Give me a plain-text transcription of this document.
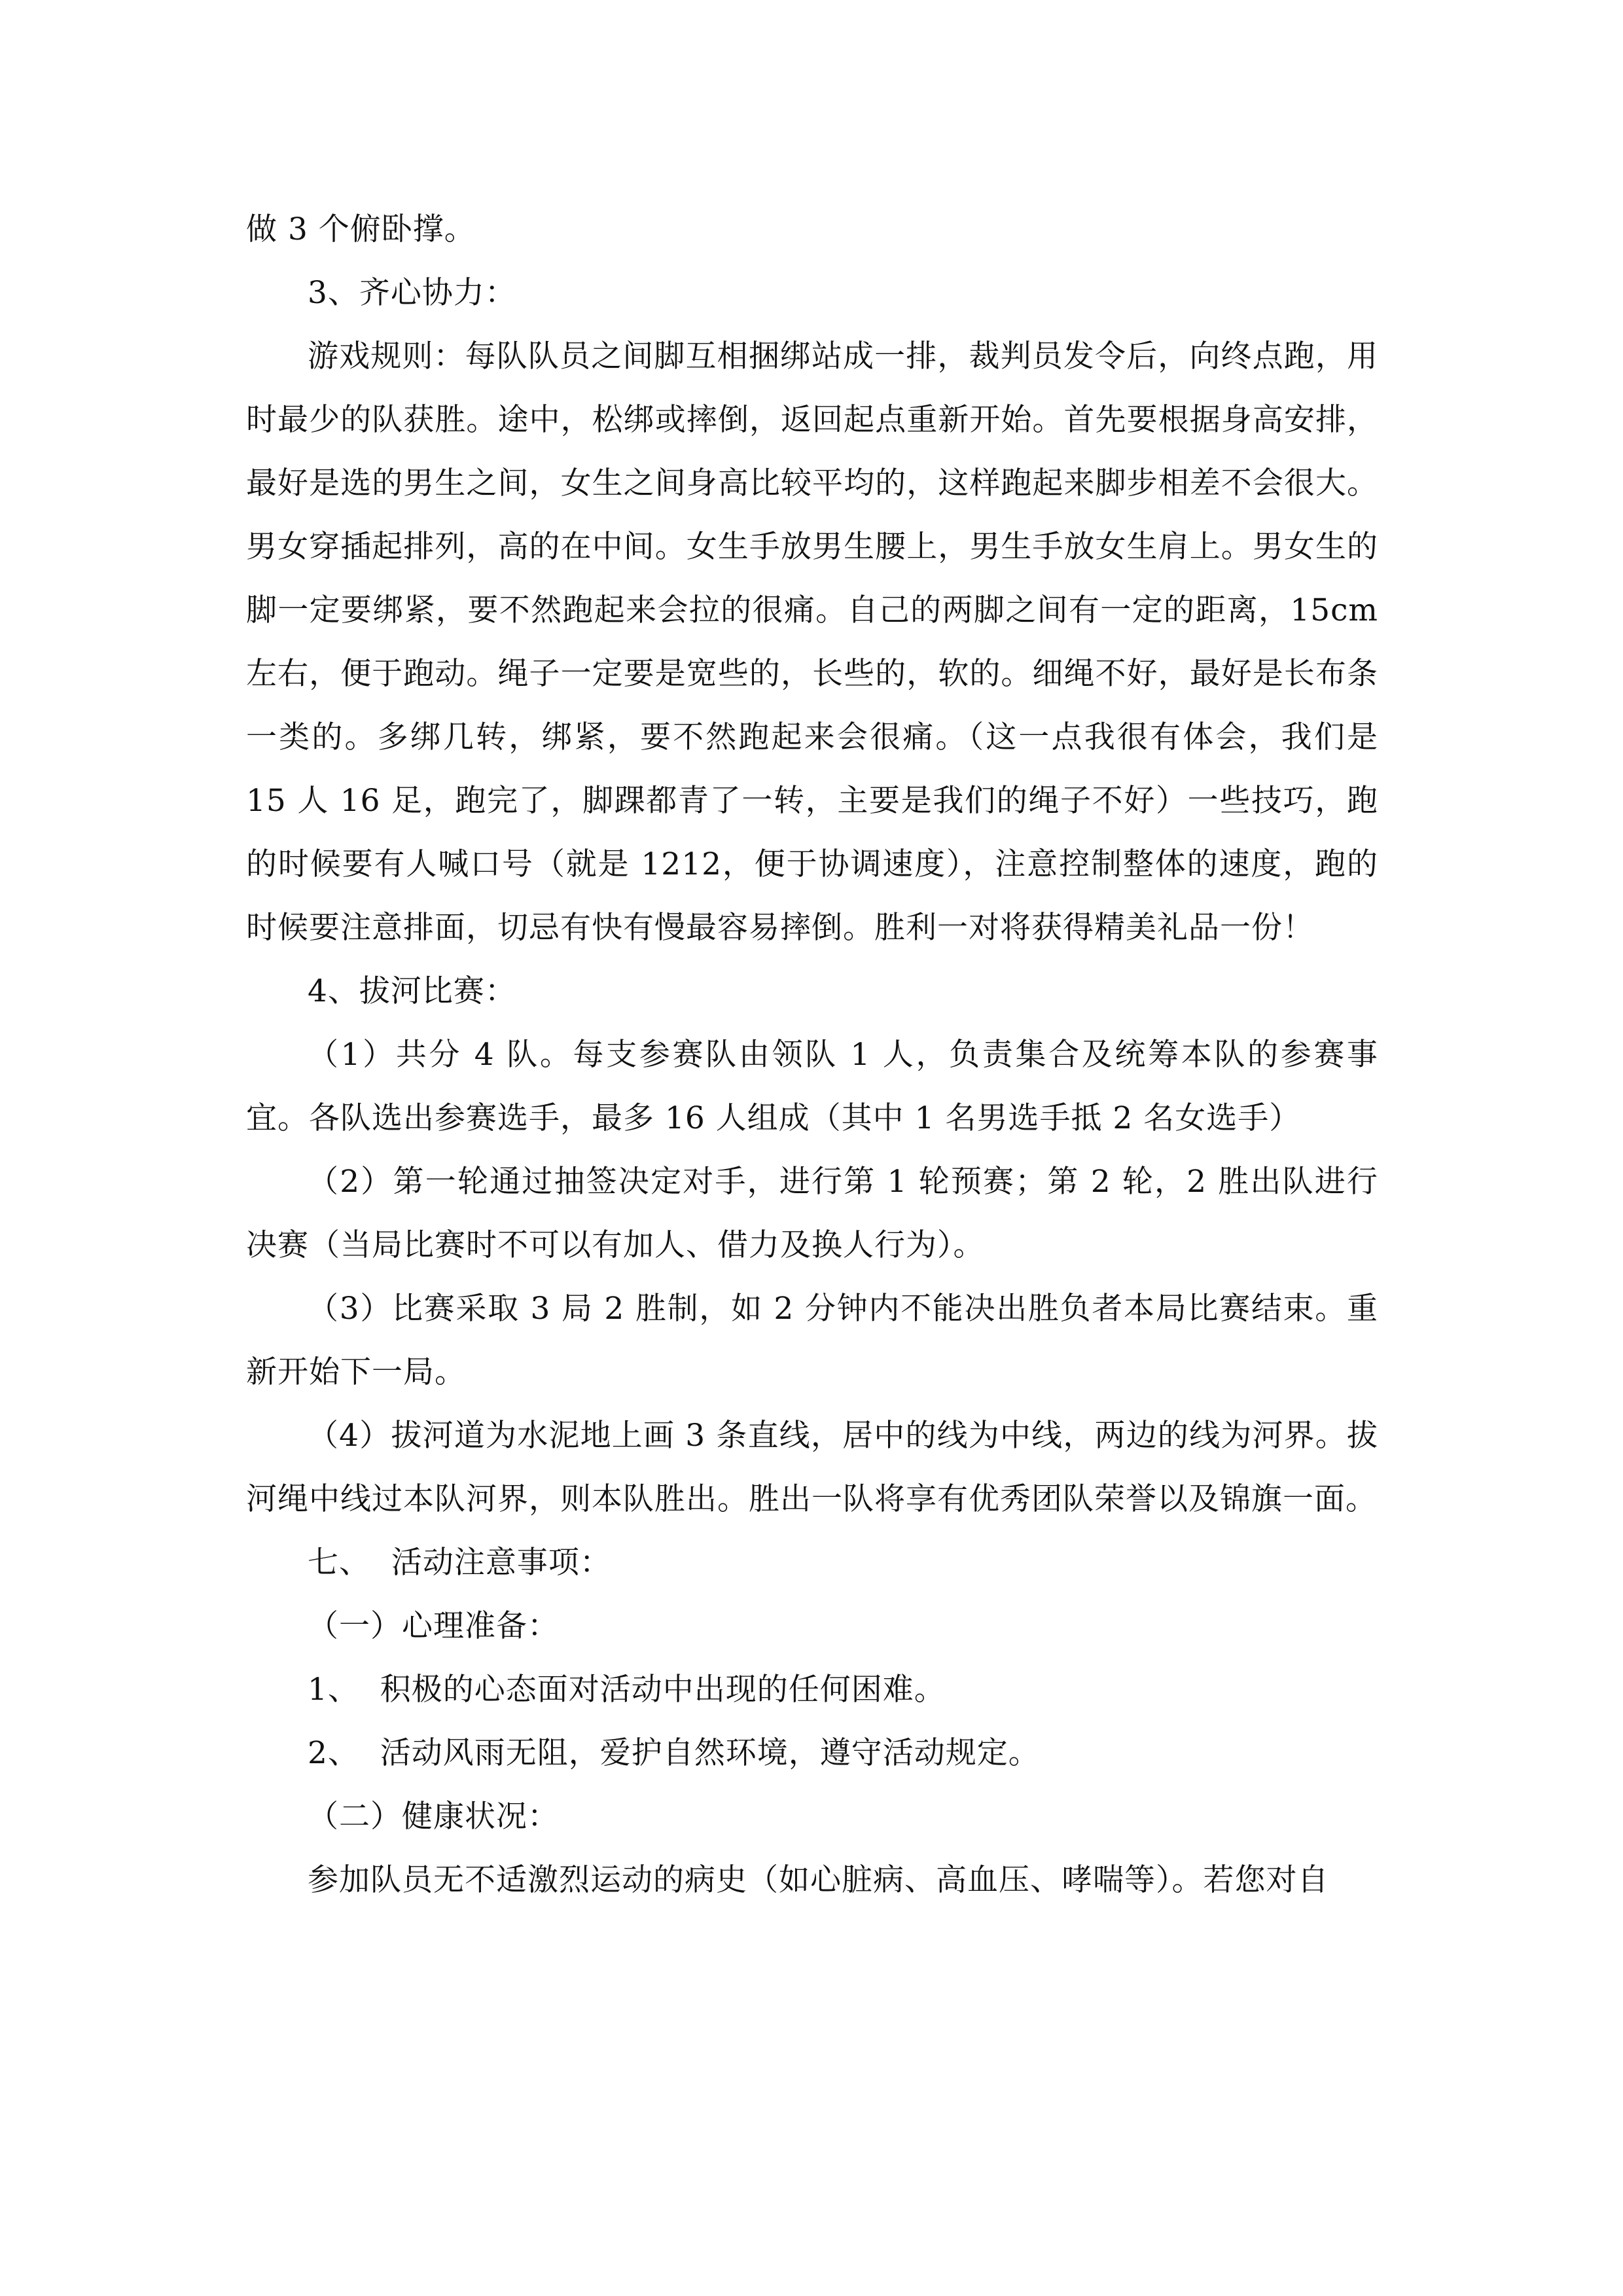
做 3 个俯卧撑。

3、齐心协力：

游戏规则：每队队员之间脚互相捆绑站成一排，裁判员发令后，向终点跑，用时最少的队获胜。途中，松绑或摔倒，返回起点重新开始。首先要根据身高安排，最好是选的男生之间，女生之间身高比较平均的，这样跑起来脚步相差不会很大。男女穿插起排列，高的在中间。女生手放男生腰上，男生手放女生肩上。男女生的脚一定要绑紧，要不然跑起来会拉的很痛。自己的两脚之间有一定的距离，15cm 左右，便于跑动。绳子一定要是宽些的，长些的，软的。细绳不好，最好是长布条一类的。多绑几转，绑紧，要不然跑起来会很痛。（这一点我很有体会，我们是 15 人 16 足，跑完了，脚踝都青了一转，主要是我们的绳子不好）一些技巧，跑的时候要有人喊口号（就是 1212，便于协调速度），注意控制整体的速度，跑的时候要注意排面，切忌有快有慢最容易摔倒。胜利一对将获得精美礼品一份！

4、拔河比赛：

（1）共分 4 队。每支参赛队由领队 1 人，负责集合及统筹本队的参赛事宜。各队选出参赛选手，最多 16 人组成（其中 1 名男选手抵 2 名女选手）

（2）第一轮通过抽签决定对手，进行第 1 轮预赛；第 2 轮，2 胜出队进行决赛（当局比赛时不可以有加人、借力及换人行为）。

（3）比赛采取 3 局 2 胜制，如 2 分钟内不能决出胜负者本局比赛结束。重新开始下一局。

（4）拔河道为水泥地上画 3 条直线，居中的线为中线，两边的线为河界。拔河绳中线过本队河界，则本队胜出。胜出一队将享有优秀团队荣誉以及锦旗一面。

七、  活动注意事项：

（一）心理准备：

1、  积极的心态面对活动中出现的任何困难。

2、  活动风雨无阻，爱护自然环境，遵守活动规定。

（二）健康状况：

参加队员无不适激烈运动的病史（如心脏病、高血压、哮喘等）。若您对自
